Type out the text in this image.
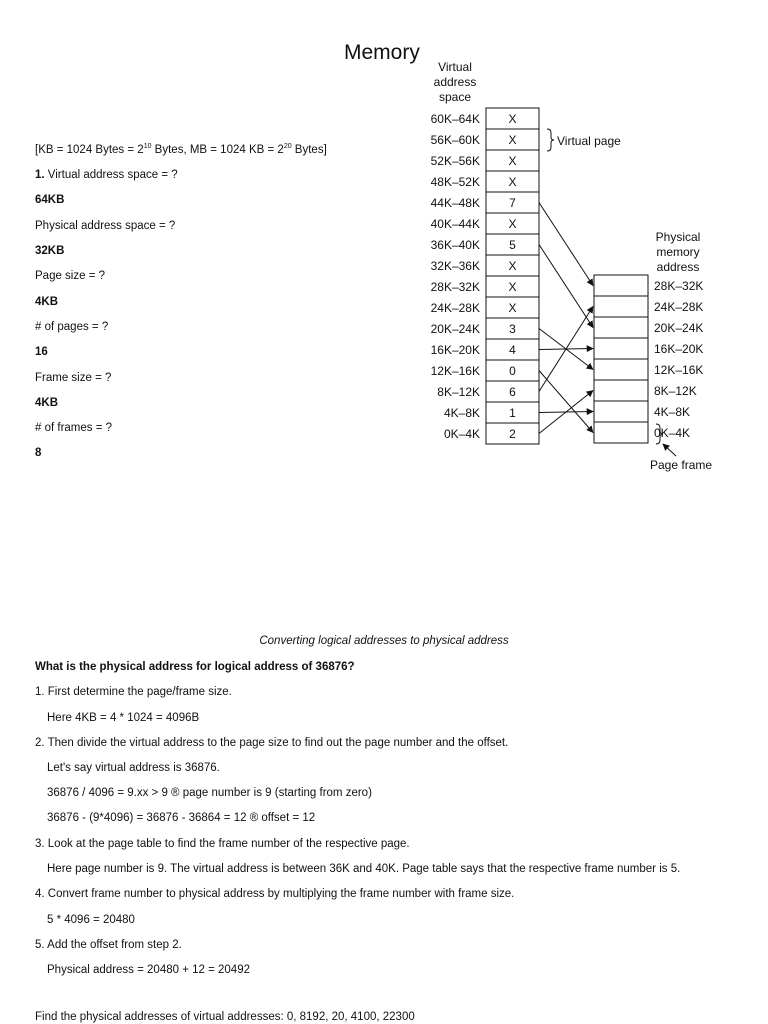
Memory
[KB = 1024 Bytes = $2^{10}$ Bytes, MB = 1024 KB = $2^{20}$ Bytes]
1. Virtual address space = ?
64KB
Physical address space = ?
32KB
Page size = ?
4KB
# of pages = ?
16
Frame size = ?
4KB
# of frames = ?
8
Virtual
address
space
Physical
memory
address
60K–64K X
56K–60K X
52K–56K X
48K–52K X
44K–48K 7
40K–44K X
36K–40K 5
32K–36K X
28K–32K X
24K–28K X
20K–24K 3
16K–20K 4
12K–16K 0
8K–12K 6
4K–8K 1
0K–4K 2
28K–32K
24K–28K
20K–24K
16K–20K
12K–16K
8K–12K
4K–8K
0K–4K
Virtual page
Page frame
Converting logical addresses to physical address
What is the physical address for logical address of 36876?
1. First determine the page/frame size.
Here 4KB = 4 * 1024 = 4096B
2. Then divide the virtual address to the page size to find out the page number and the offset.
Let's say virtual address is 36876.
36876 / 4096 = 9.xx > 9 ® page number is 9 (starting from zero)
36876 - (9*4096) = 36876 - 36864 = 12 ® offset = 12
3. Look at the page table to find the frame number of the respective page.
Here page number is 9. The virtual address is between 36K and 40K. Page table says that the respective frame number is 5.
4. Convert frame number to physical address by multiplying the frame number with frame size.
5 * 4096 = 20480
5. Add the offset from step 2.
Physical address = 20480 + 12 = 20492
Find the physical addresses of virtual addresses: 0, 8192, 20, 4100, 22300
